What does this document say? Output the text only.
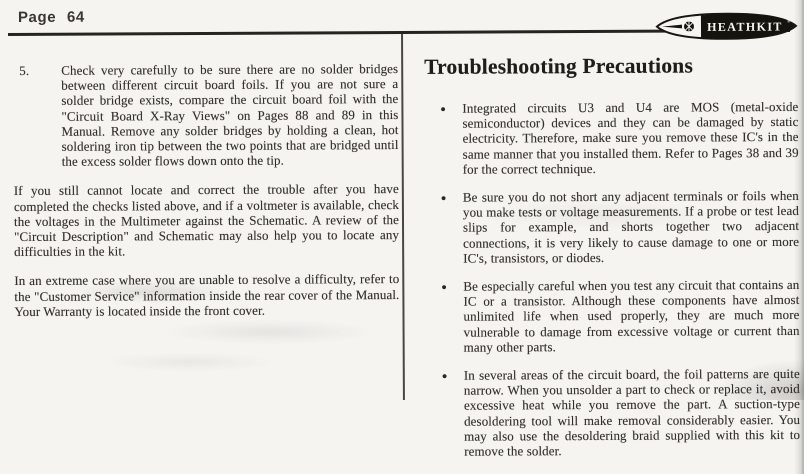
Page 64
HEATHKIT ®
5.	Check very carefully to be sure there are no solder bridges between different circuit board foils. If you are not sure a solder bridge exists, compare the circuit board foil with the "Circuit Board X-Ray Views" on Pages 88 and 89 in this Manual. Remove any solder bridges by holding a clean, hot soldering iron tip between the two points that are bridged until the excess solder flows down onto the tip.

If you still cannot locate and correct the trouble after you have completed the checks listed above, and if a voltmeter is available, check the voltages in the Multimeter against the Schematic. A review of the "Circuit Description" and Schematic may also help you to locate any difficulties in the kit.

In an extreme case where you are unable to resolve a difficulty, refer to the "Customer Service" information inside the rear cover of the Manual. Your Warranty is located inside the front cover.

Troubleshooting Precautions
●	Integrated circuits U3 and U4 are MOS (metal-oxide semiconductor) devices and they can be damaged by static electricity. Therefore, make sure you remove these IC's in the same manner that you installed them. Refer to Pages 38 and 39 for the correct technique.

●	Be sure you do not short any adjacent terminals or foils when you make tests or voltage measurements. If a probe or test lead slips for example, and shorts together two adjacent connections, it is very likely to cause damage to one or more IC's, transistors, or diodes.

●	Be especially careful when you test any circuit that contains an IC or a transistor. Although these components have almost unlimited life when used properly, they are much more vulnerable to damage from excessive voltage or current than many other parts.

●	In several areas of the circuit board, the foil patterns are quite narrow. When you unsolder a part to check or replace it, avoid excessive heat while you remove the part. A suction-type desoldering tool will make removal considerably easier. You may also use the desoldering braid supplied with this kit to remove the solder.
